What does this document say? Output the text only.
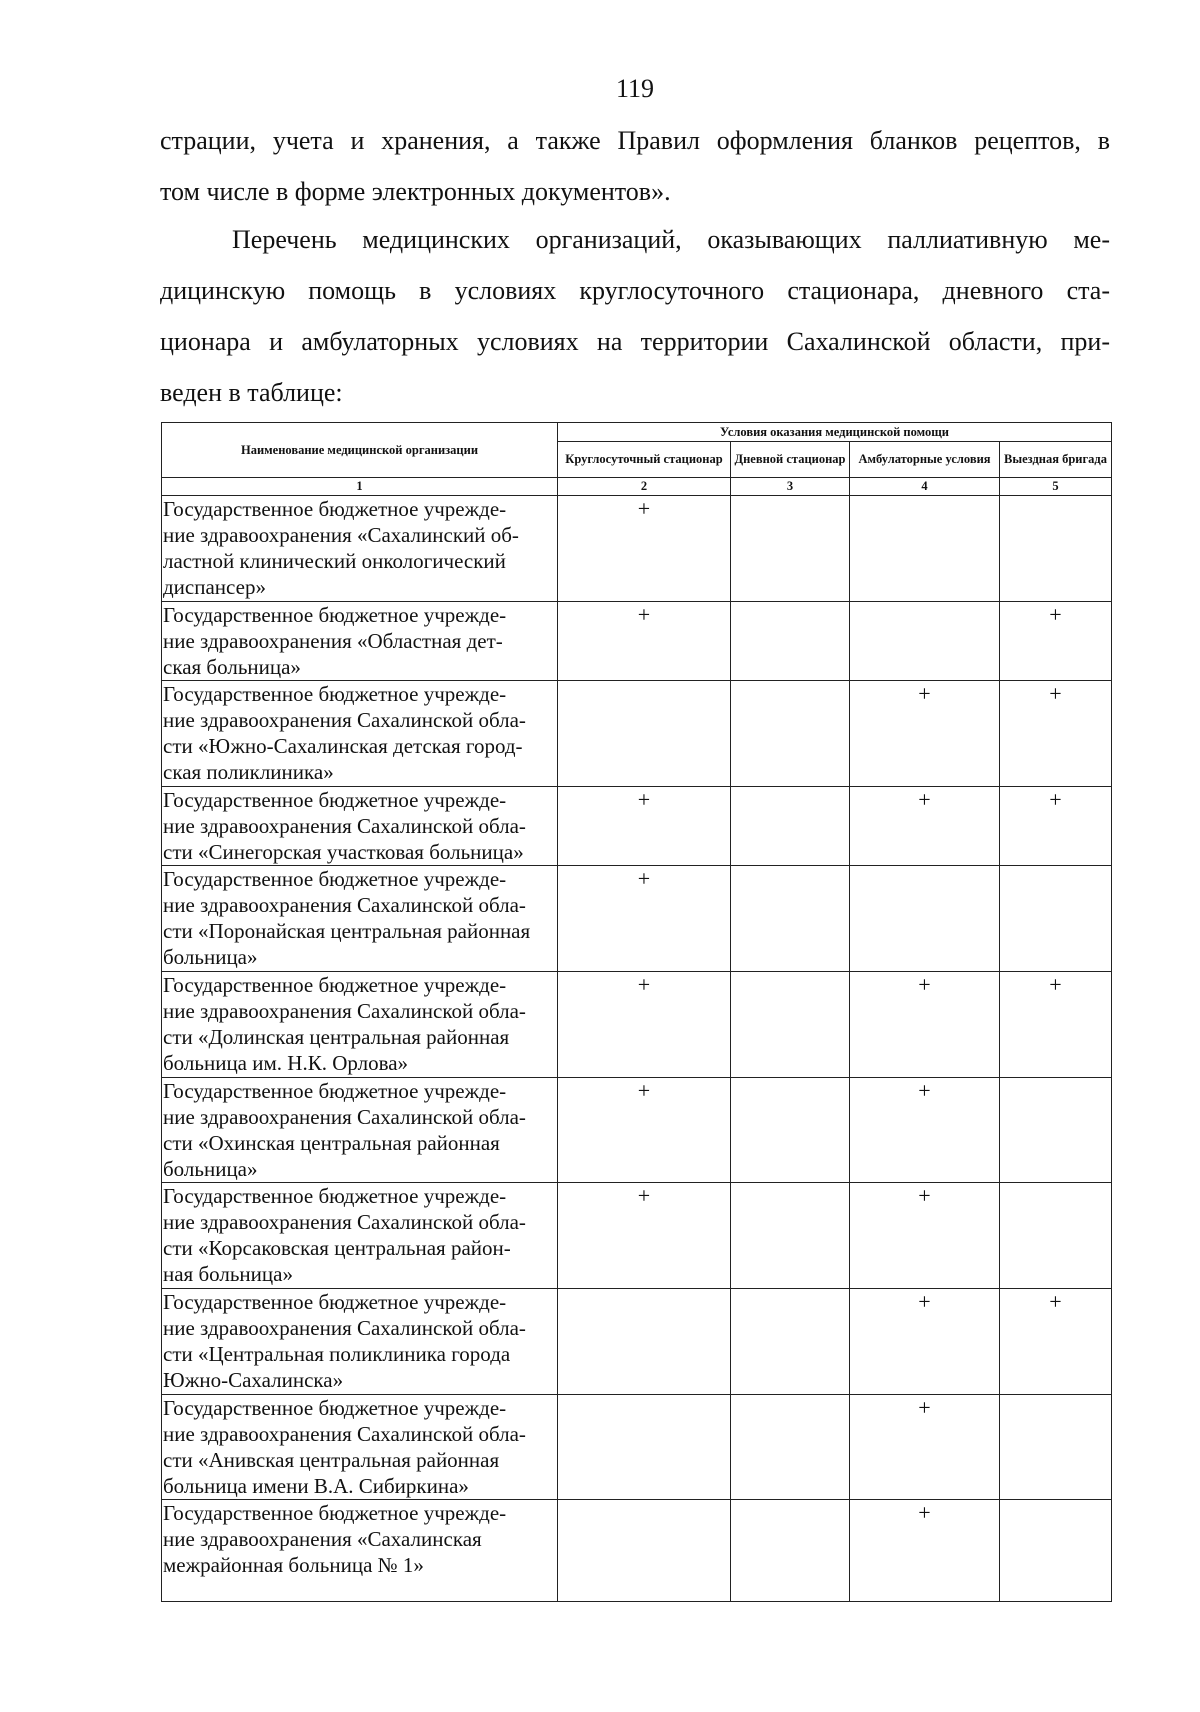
119
страции, учета и хранения, а также Правил оформления бланков рецептов, в
том числе в форме электронных документов».
Перечень медицинских организаций, оказывающих паллиативную ме-
дицинскую помощь в условиях круглосуточного стационара, дневного ста-
ционара и амбулаторных условиях на территории Сахалинской области, при-
веден в таблице:
Наименование медицинской организации	Условия оказания медицинской помощи			
	Круглосуточный стационар	Дневной стационар	Амбулаторные условия	Выездная бригада
1	2	3	4	5
Государственное бюджетное учрежде-
ние здравоохранения «Сахалинский об-
ластной клинический онкологический
диспансер»	+			
Государственное бюджетное учрежде-
ние здравоохранения «Областная дет-
ская больница»	+			+
Государственное бюджетное учрежде-
ние здравоохранения Сахалинской обла-
сти «Южно-Сахалинская детская город-
ская поликлиника»			+	+
Государственное бюджетное учрежде-
ние здравоохранения Сахалинской обла-
сти «Синегорская участковая больница»	+		+	+
Государственное бюджетное учрежде-
ние здравоохранения Сахалинской обла-
сти «Поронайская центральная районная
больница»	+			
Государственное бюджетное учрежде-
ние здравоохранения Сахалинской обла-
сти «Долинская центральная районная
больница им. Н.К. Орлова»	+		+	+
Государственное бюджетное учрежде-
ние здравоохранения Сахалинской обла-
сти «Охинская центральная районная
больница»	+		+	
Государственное бюджетное учрежде-
ние здравоохранения Сахалинской обла-
сти «Корсаковская центральная район-
ная больница»	+		+	
Государственное бюджетное учрежде-
ние здравоохранения Сахалинской обла-
сти «Центральная поликлиника города
Южно-Сахалинска»			+	+
Государственное бюджетное учрежде-
ние здравоохранения Сахалинской обла-
сти «Анивская центральная районная
больница имени В.А. Сибиркина»			+	
Государственное бюджетное учрежде-
ние здравоохранения «Сахалинская
межрайонная больница № 1»			+	
